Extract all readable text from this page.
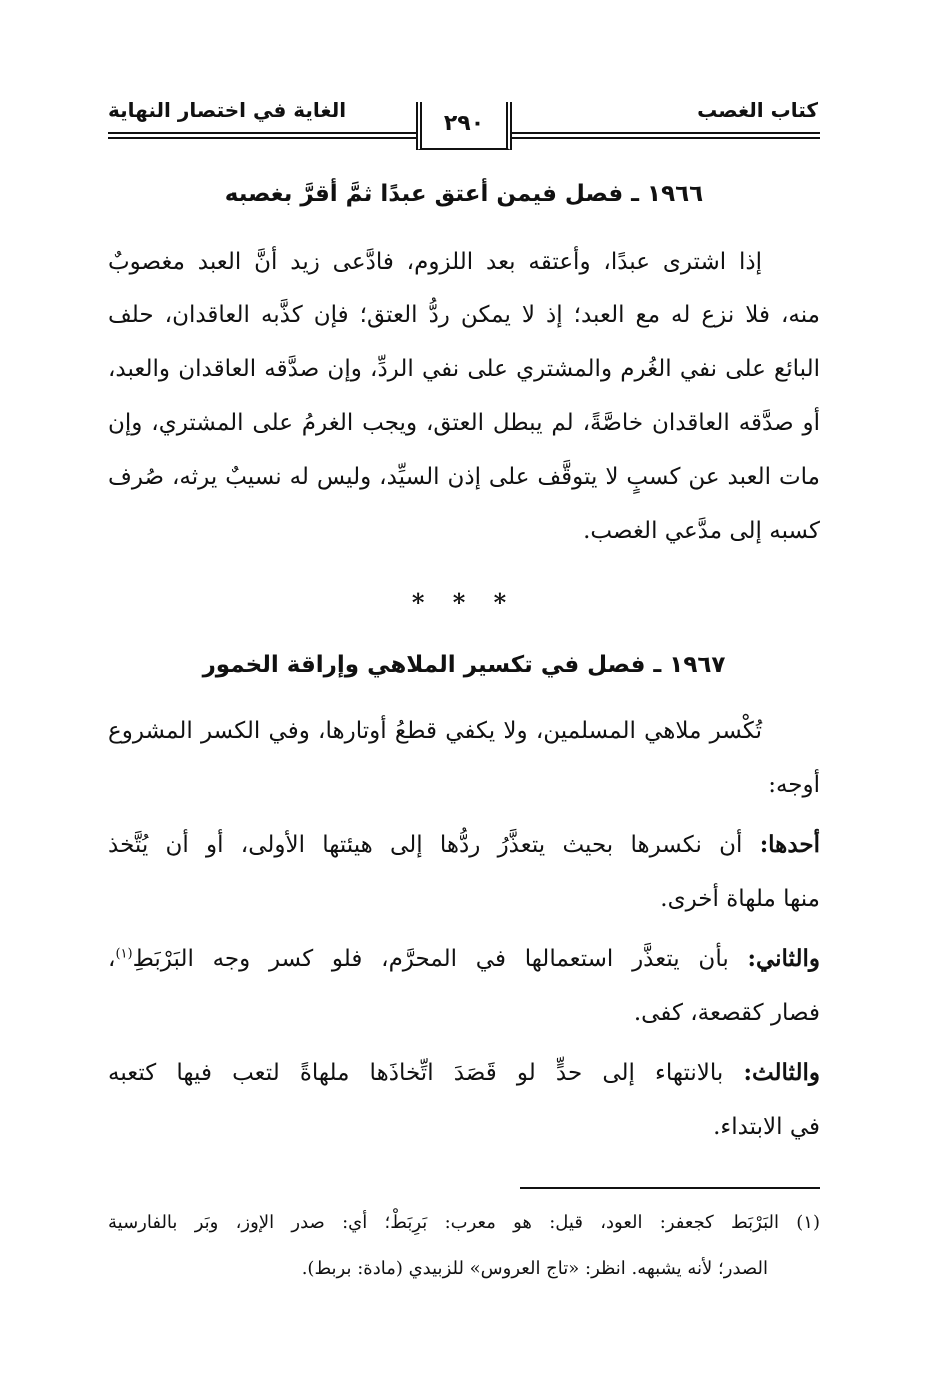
كتاب الغصب
الغاية في اختصار النهاية
٢٩٠
١٩٦٦ ـ فصل فيمن أعتق عبدًا ثمَّ أقرَّ بغصبه
إذا اشترى عبدًا، وأعتقه بعد اللزوم، فادَّعى زيد أنَّ العبد مغصوبٌ
منه، فلا نزع له مع العبد؛ إذ لا يمكن ردُّ العتق؛ فإن كذَّبه العاقدان، حلف
البائع على نفي الغُرم والمشتري على نفي الردِّ، وإن صدَّقه العاقدان والعبد،
أو صدَّقه العاقدان خاصَّةً، لم يبطل العتق، ويجب الغرمُ على المشتري، وإن
مات العبد عن كسبٍ لا يتوقَّف على إذن السيِّد، وليس له نسيبٌ يرثه، صُرف
كسبه إلى مدَّعي الغصب.
* * *
١٩٦٧ ـ فصل في تكسير الملاهي وإراقة الخمور
تُكْسر ملاهي المسلمين، ولا يكفي قطعُ أوتارها، وفي الكسر المشروع
أوجه:
أحدها: أن نكسرها بحيث يتعذَّرُ ردُّها إلى هيئتها الأولى، أو أن يُتَّخذ
منها ملهاة أخرى.
والثاني: بأن يتعذَّر استعمالها في المحرَّم، فلو كسر وجه البَرْبَطِ$^{(١)}$،
فصار كقصعة، كفى.
والثالث: بالانتهاء إلى حدٍّ لو قَصَدَ اتِّخاذَها ملهاةً لتعب فيها كتعبه
في الابتداء.
(١) البَرْبَط كجعفر: العود، قيل: هو معرب: بَرِبَطْ؛ أي: صدر الإوز، وبَر بالفارسية
الصدر؛ لأنه يشبهه. انظر: «تاج العروس» للزبيدي (مادة: بربط).
